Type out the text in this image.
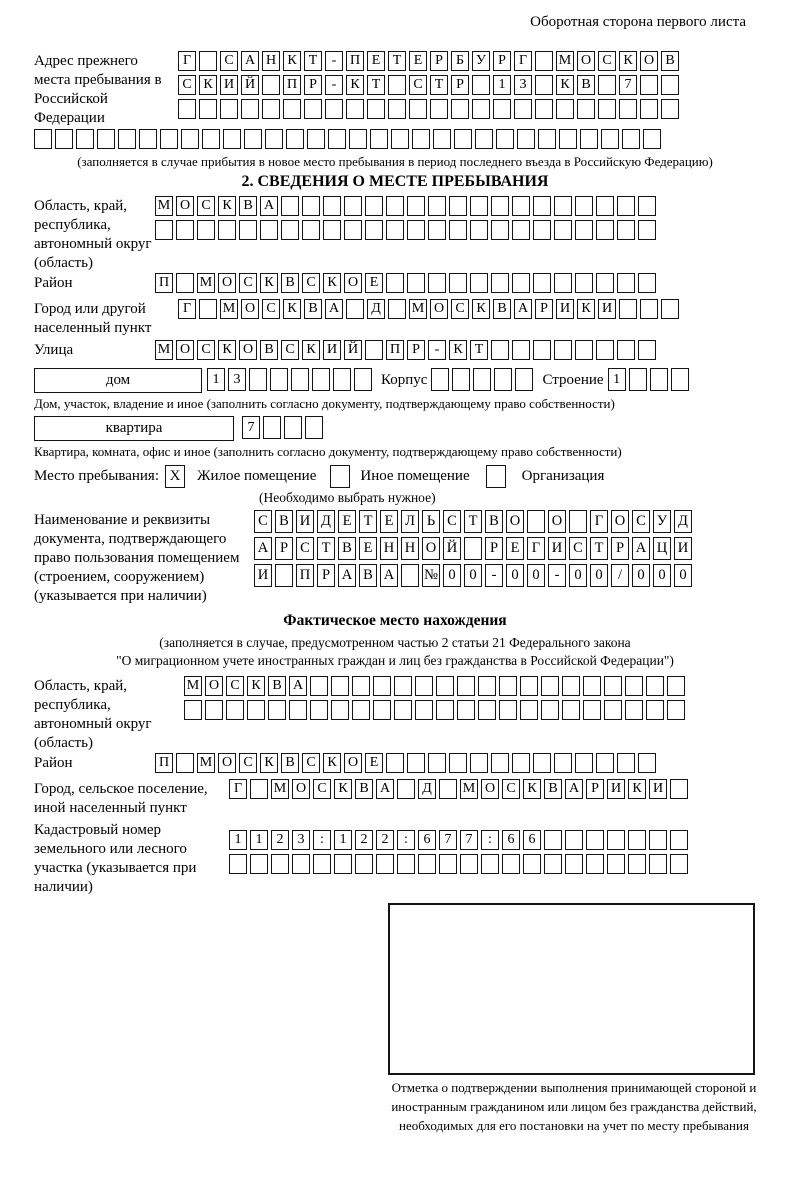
Оборотная сторона первого листа
Адрес прежнего места пребывания в Российской Федерации
Г	С А Н К Т	- П Е Т Е Р Б У Р Г	М О С К О В
С К И Й П Р	-	К Т	С Т Р	1	3	К В	7
(заполняется в случае прибытия в новое место пребывания в период последнего въезда в Российскую Федерацию)
2. СВЕДЕНИЯ О МЕСТЕ ПРЕБЫВАНИЯ
Область, край, республика, автономный округ (область)
М О С К В А
Район	П М О С К В С К О Е
Город или другой населенный пункт
Г	М О С К В А	Д	М О С К В А Р И К И
Улица	М О С К О В С К И Й П Р	-	К Т
дом	1	3	Корпус	Строение 1
Дом, участок, владение и иное (заполнить согласно документу, подтверждающему право собственности)
квартира	7
Квартира, комната, офис и иное (заполнить согласно документу, подтверждающему право собственности)
Место пребывания: X	Жилое помещение	Иное помещение	Организация
(Необходимо выбрать нужное)
Наименование и реквизиты документа, подтверждающего право пользования помещением (строением, сооружением) (указывается при наличии)
С В И Д Е Т Е Л Ь С Т В О О	Г О С У Д
А Р С Т В Е Н Н О Й	Р Е Г И С Т Р А Ц И
И П Р А В А № 0 0	-	0 0	-	0 0	/	0 0 0
Фактическое место нахождения
(заполняется в случае, предусмотренном частью 2 статьи 21 Федерального закона
"О миграционном учете иностранных граждан и лиц без гражданства в Российской Федерации")
Область, край, республика, автономный округ (область)
М О С К В А
Район	П М О С К В С К О Е
Город, сельское поселение, иной населенный пункт
Г	М О С К В А	Д	М О С К В А Р И К И
Кадастровый номер земельного или лесного участка (указывается при наличии)
1	1	2	3	:	1	2	2	:	6	7	7	:	6	6
Отметка о подтверждении выполнения принимающей стороной и иностранным гражданином или лицом без гражданства действий, необходимых для его постановки на учет по месту пребывания
